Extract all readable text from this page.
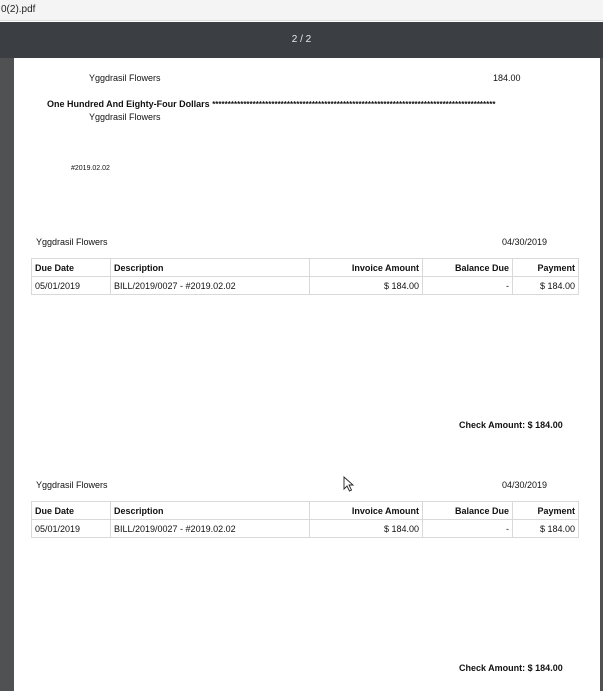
0(2).pdf
2 / 2
Yggdrasil Flowers	184.00
One Hundred And Eighty-Four Dollars *******************************************************************************************
Yggdrasil Flowers
#2019.02.02
Yggdrasil Flowers	04/30/2019
Due Date	Description	Invoice Amount	Balance Due	Payment
05/01/2019	BILL/2019/0027 - #2019.02.02	$ 184.00	-	$ 184.00
Check Amount: $ 184.00
Yggdrasil Flowers	04/30/2019
Due Date	Description	Invoice Amount	Balance Due	Payment
05/01/2019	BILL/2019/0027 - #2019.02.02	$ 184.00	-	$ 184.00
Check Amount: $ 184.00
